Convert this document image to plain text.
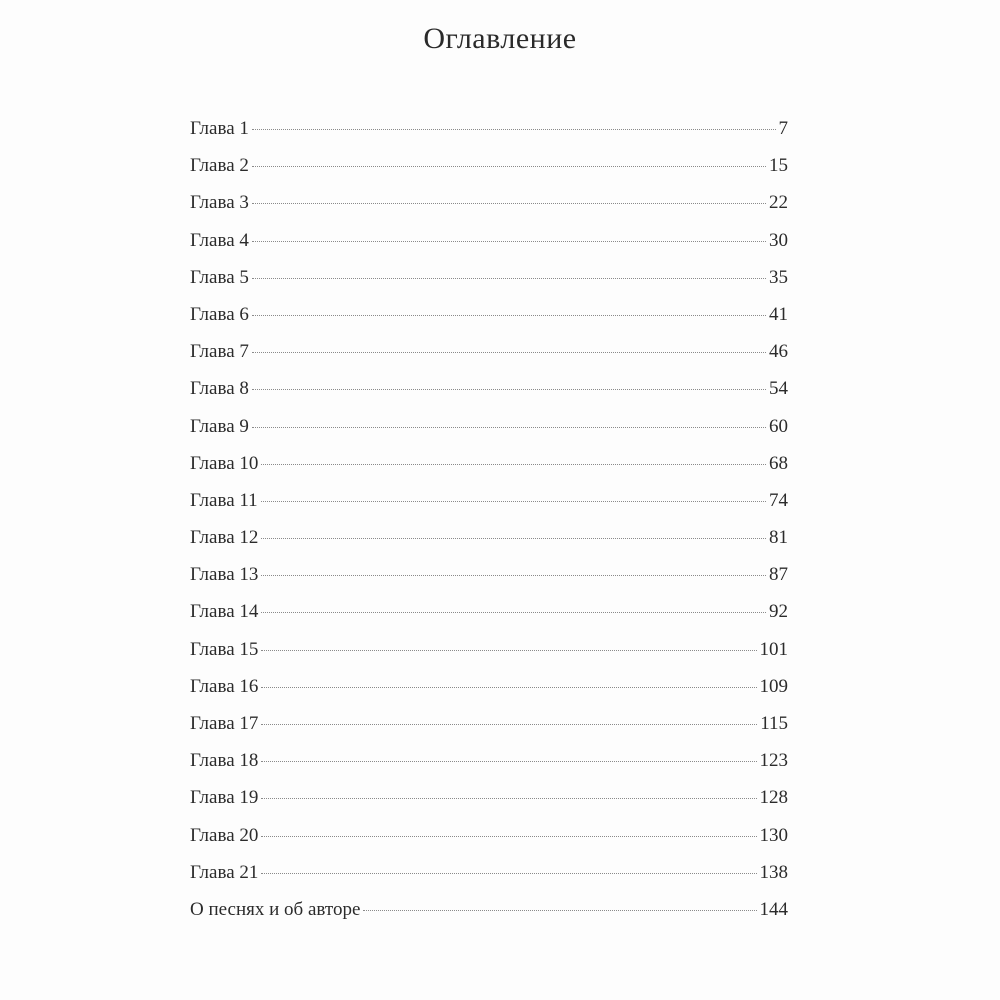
Оглавление
Глава 1	7
Глава 2	15
Глава 3	22
Глава 4	30
Глава 5	35
Глава 6	41
Глава 7	46
Глава 8	54
Глава 9	60
Глава 10	68
Глава 11	74
Глава 12	81
Глава 13	87
Глава 14	92
Глава 15	101
Глава 16	109
Глава 17	115
Глава 18	123
Глава 19	128
Глава 20	130
Глава 21	138
О песнях и об авторе	144
